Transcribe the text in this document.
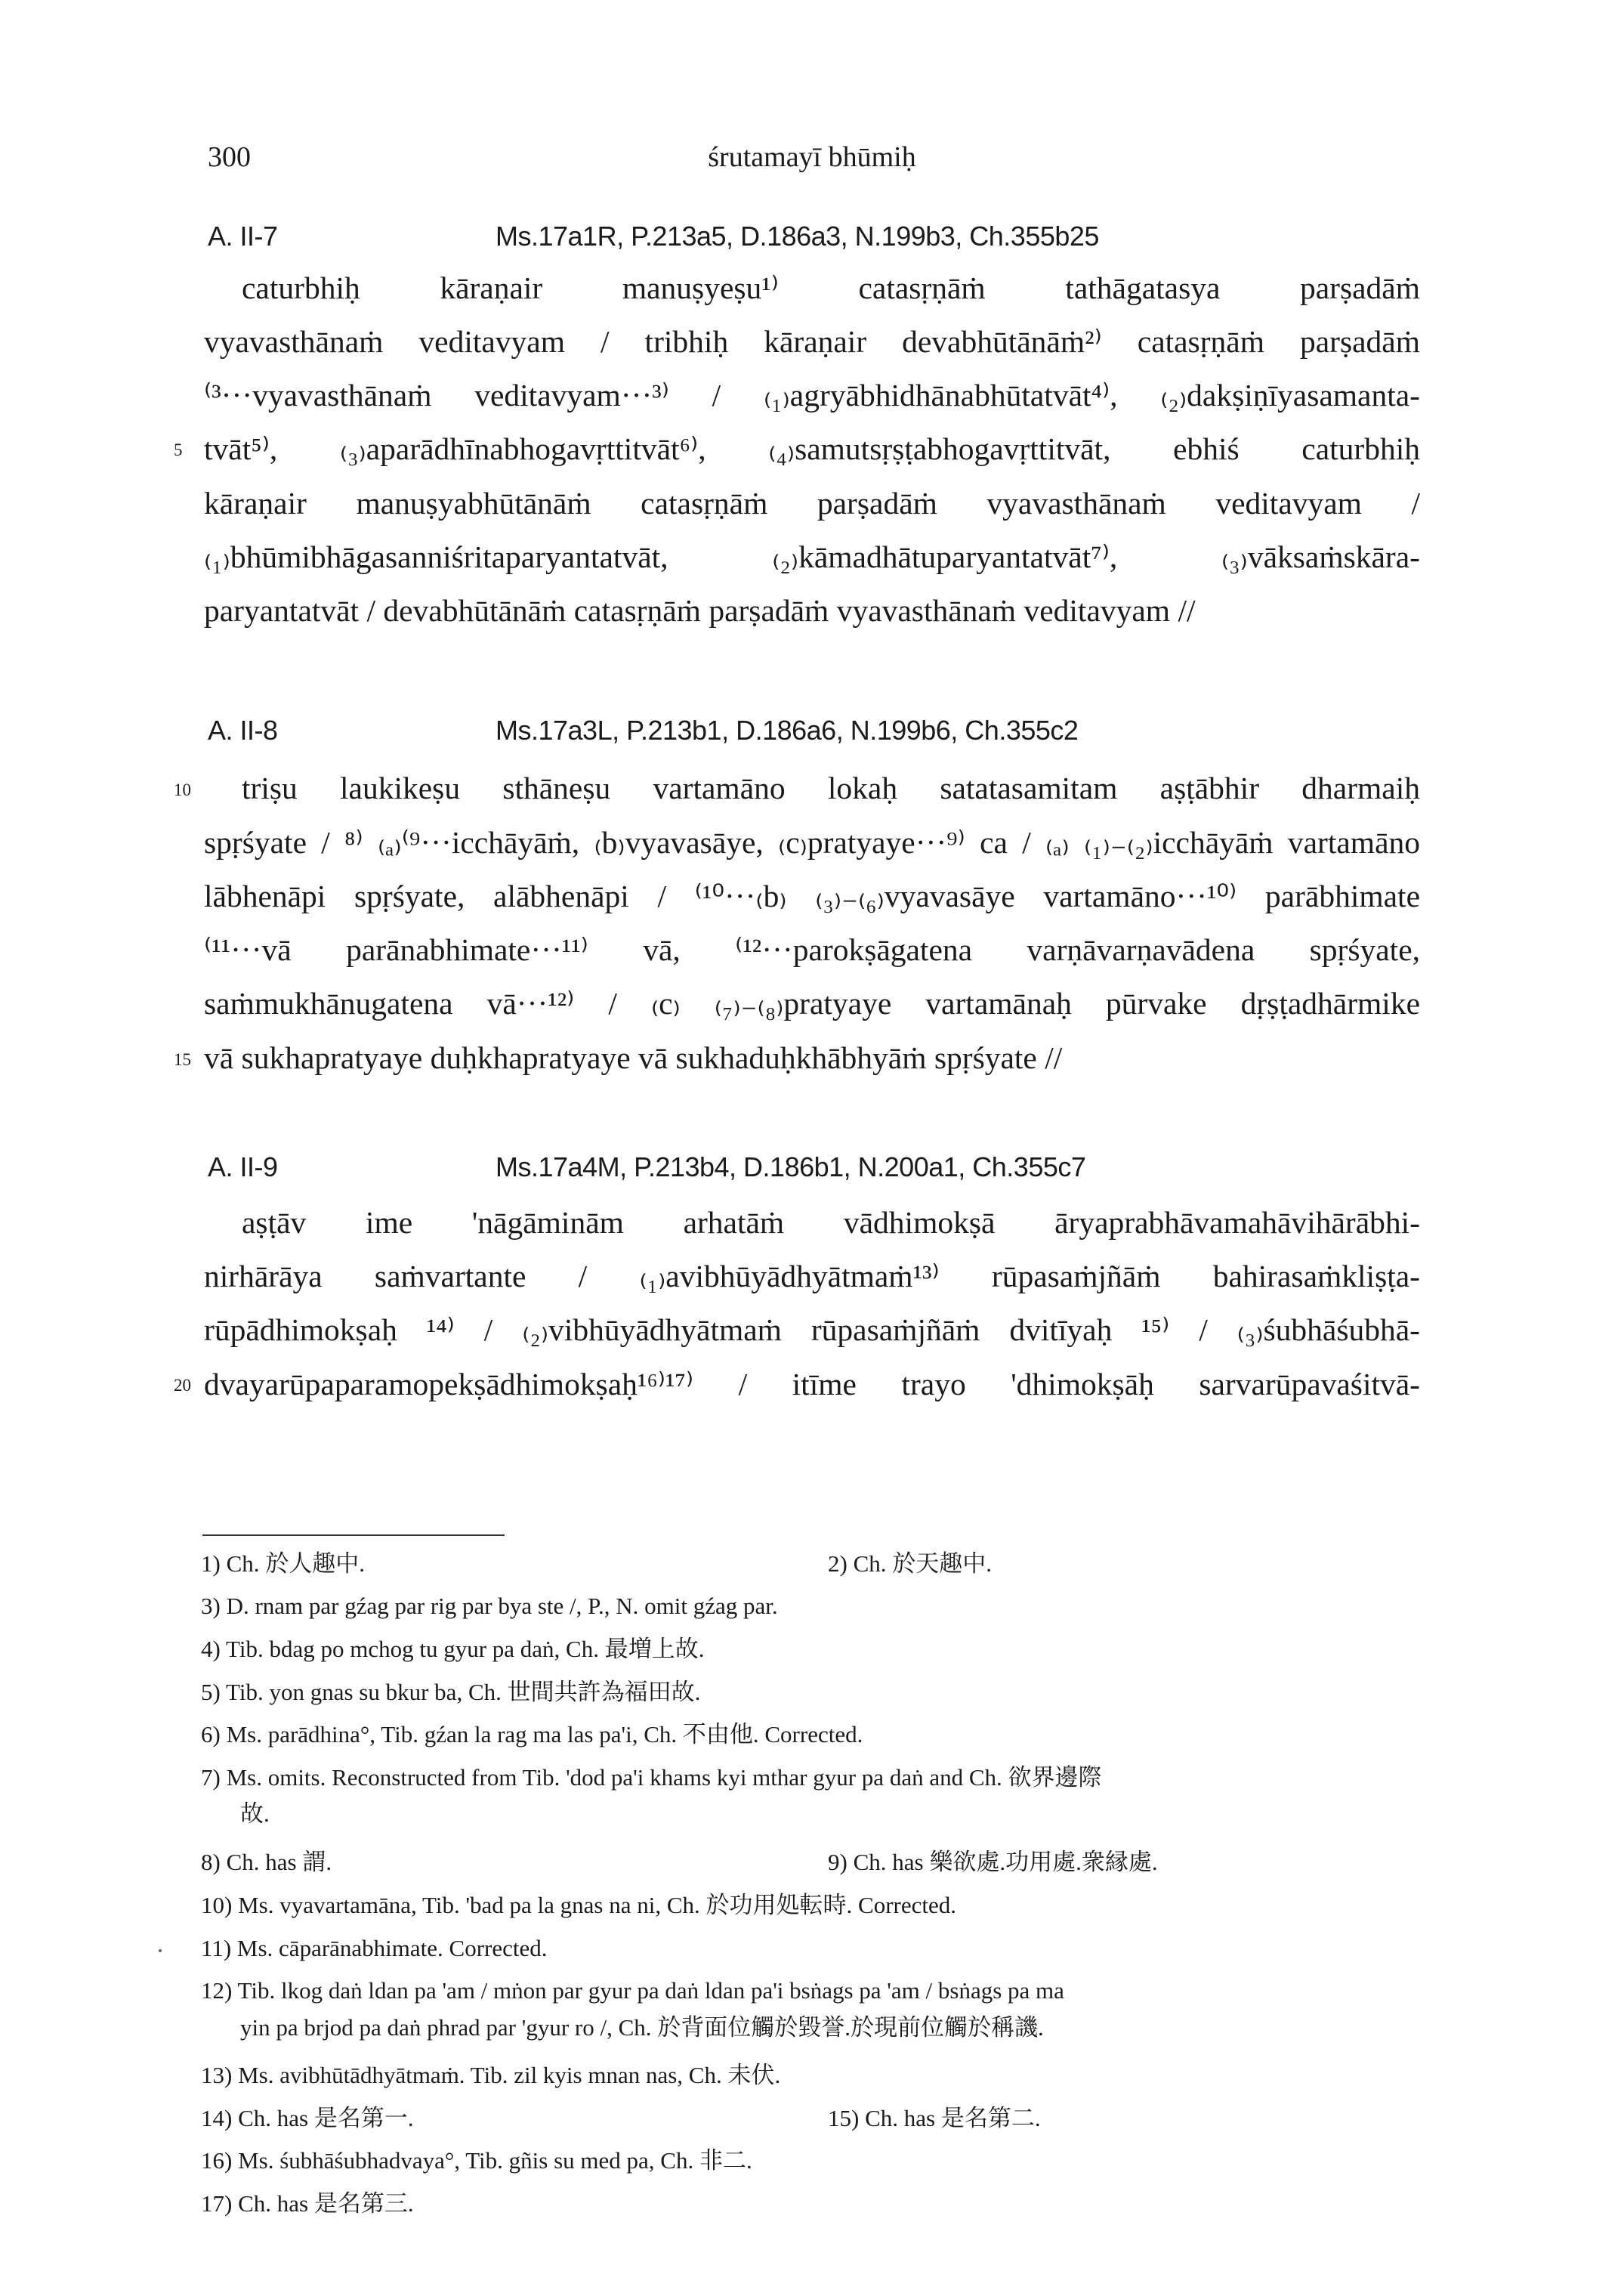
300	śrutamayī bhūmiḥ
A. II-7	Ms.17a1R, P.213a5, D.186a3, N.199b3, Ch.355b25
caturbhiḥ kāraṇair manuṣyeṣu¹⁾ catasṛṇāṁ tathāgatasya parṣadāṁ
vyavasthānaṁ veditavyam / tribhiḥ kāraṇair devabhūtānāṁ²⁾ catasṛṇāṁ parṣadāṁ
⁽³···vyavasthānaṁ veditavyam···³⁾ / ₍₁₎agryābhidhānabhūtatvāt⁴⁾, ₍₂₎dakṣiṇīyasamanta-
5 tvāt⁵⁾, ₍₃₎aparādhīnabhogavṛttitvāt⁶⁾, ₍₄₎samutsṛṣṭabhogavṛttitvāt, ebhiś caturbhiḥ
kāraṇair manuṣyabhūtānāṁ catasṛṇāṁ parṣadāṁ vyavasthānaṁ veditavyam /
₍₁₎bhūmibhāgasanniśritaparyantatvāt, ₍₂₎kāmadhātuparyantatvāt⁷⁾, ₍₃₎vāksaṁskāra-
paryantatvāt / devabhūtānāṁ catasṛṇāṁ parṣadāṁ vyavasthānaṁ veditavyam //
A. II-8	Ms.17a3L, P.213b1, D.186a6, N.199b6, Ch.355c2
10 triṣu laukikeṣu sthāneṣu vartamāno lokaḥ satatasamitam aṣṭābhir dharmaiḥ
spṛśyate / ⁸⁾ ₍ₐ₎⁽⁹···icchāyāṁ, ₍b₎vyavasāye, ₍c₎pratyaye···⁹⁾ ca / ₍ₐ₎ ₍₁₎₋₍₂₎icchāyāṁ vartamāno
lābhenāpi spṛśyate, alābhenāpi / ⁽¹⁰···₍b₎ ₍₃₎₋₍₆₎vyavasāye vartamāno···¹⁰⁾ parābhimate
⁽¹¹···vā parānabhimate···¹¹⁾ vā, ⁽¹²···parokṣāgatena varṇāvarṇavādena spṛśyate,
saṁmukhānugatena vā···¹²⁾ / ₍c₎ ₍₇₎₋₍₈₎pratyaye vartamānaḥ pūrvake dṛṣṭadhārmike
15 vā sukhapratyaye duḥkhapratyaye vā sukhaduḥkhābhyāṁ spṛśyate //
A. II-9	Ms.17a4M, P.213b4, D.186b1, N.200a1, Ch.355c7
aṣṭāv ime 'nāgāminām arhatāṁ vādhimokṣā āryaprabhāvamahāvihārābhi-
nirhārāya saṁvartante / ₍₁₎avibhūyādhyātmaṁ¹³⁾ rūpasaṁjñāṁ bahirasaṁkliṣṭa-
rūpādhimokṣaḥ ¹⁴⁾ / ₍₂₎vibhūyādhyātmaṁ rūpasaṁjñāṁ dvitīyaḥ ¹⁵⁾ / ₍₃₎śubhāśubhā-
20 dvayarūpaparamopekṣādhimokṣaḥ¹⁶⁾¹⁷⁾ / itīme trayo 'dhimokṣāḥ sarvarūpavaśitvā-
1) Ch. 於人趣中.	2) Ch. 於天趣中.
3) D. rnam par gźag par rig par bya ste /, P., N. omit gźag par.
4) Tib. bdag po mchog tu gyur pa daṅ, Ch. 最増上故.
5) Tib. yon gnas su bkur ba, Ch. 世間共許為福田故.
6) Ms. parādhina°, Tib. gźan la rag ma las pa'i, Ch. 不由他. Corrected.
7) Ms. omits. Reconstructed from Tib. 'dod pa'i khams kyi mthar gyur pa daṅ and Ch. 欲界邊際
故.
8) Ch. has 謂.	9) Ch. has 樂欲處.功用處.衆縁處.
10) Ms. vyavartamāna, Tib. 'bad pa la gnas na ni, Ch. 於功用処転時. Corrected.
11) Ms. cāparānabhimate. Corrected.
12) Tib. lkog daṅ ldan pa 'am / mṅon par gyur pa daṅ ldan pa'i bsṅags pa 'am / bsṅags pa ma
yin pa brjod pa daṅ phrad par 'gyur ro /, Ch. 於背面位觸於毀誉.於現前位觸於稱譏.
13) Ms. avibhūtādhyātmaṁ. Tib. zil kyis mnan nas, Ch. 未伏.
14) Ch. has 是名第一.	15) Ch. has 是名第二.
16) Ms. śubhāśubhadvaya°, Tib. gñis su med pa, Ch. 非二.
17) Ch. has 是名第三.
